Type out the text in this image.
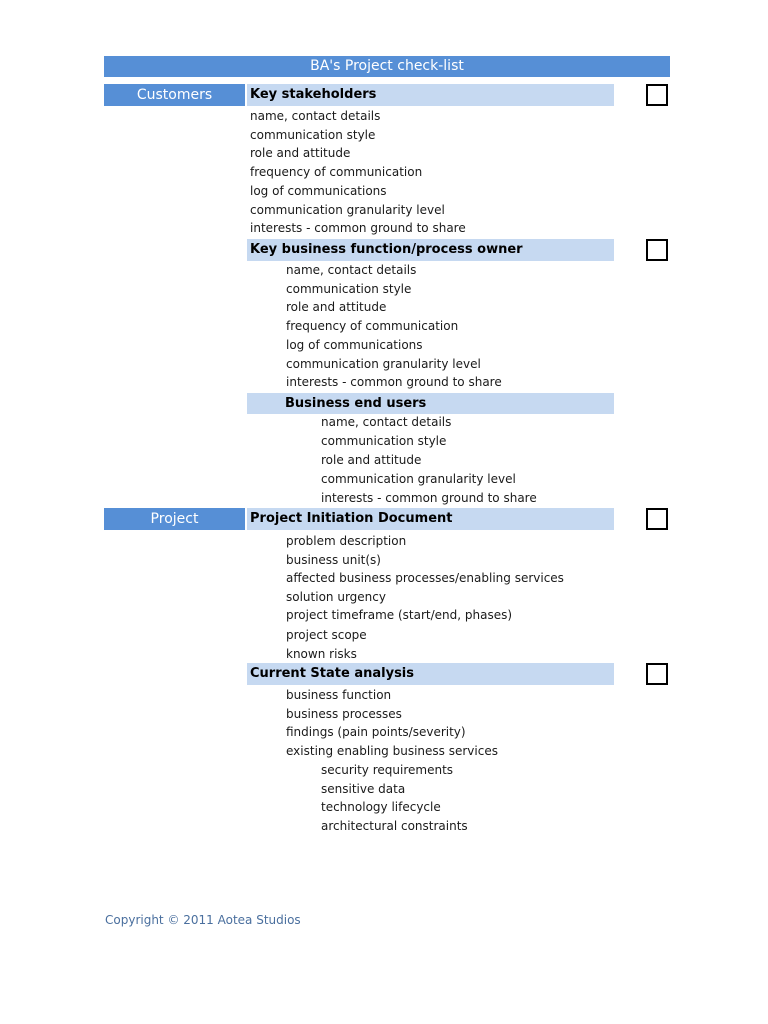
BA's Project check-list
Customers	Key stakeholders
name, contact details
communication style
role and attitude
frequency of communication
log of communications
communication granularity level
interests - common ground to share
Key business function/process owner
name, contact details
communication style
role and attitude
frequency of communication
log of communications
communication granularity level
interests - common ground to share
Business end users
name, contact details
communication style
role and attitude
communication granularity level
interests - common ground to share
Project	Project Initiation Document
problem description
business unit(s)
affected business processes/enabling services
solution urgency
project timeframe (start/end, phases)
project scope
known risks
Current State analysis
business function
business processes
findings (pain points/severity)
existing enabling business services
security requirements
sensitive data
technology lifecycle
architectural constraints
Copyright © 2011 Aotea Studios
